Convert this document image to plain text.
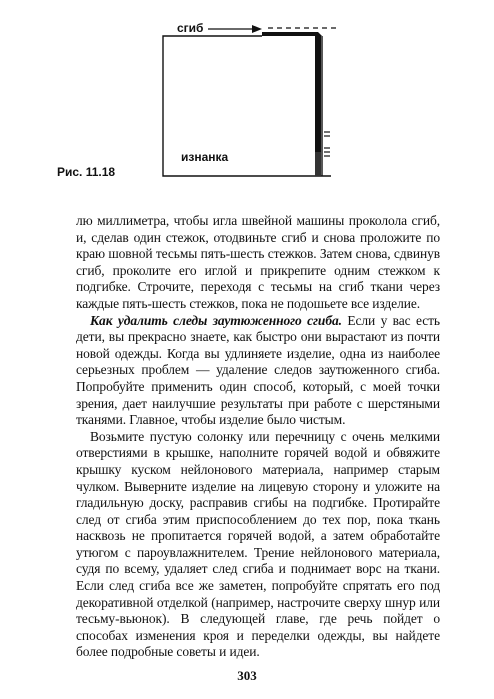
сгиб
изнанка
Рис. 11.18

лю миллиметра, чтобы игла швейной машины проколола сгиб, и, сделав один стежок, отодвиньте сгиб и снова проложите по краю шовной тесьмы пять-шесть стежков. Затем снова, сдвинув сгиб, проколите его иглой и прикрепите одним стежком к подгибке. Строчите, переходя с тесьмы на сгиб ткани через каждые пять-шесть стежков, пока не подошьете все изделие.

Как удалить следы заутюженного сгиба. Если у вас есть дети, вы прекрасно знаете, как быстро они вырастают из почти новой одежды. Когда вы удлиняете изделие, одна из наиболее серьезных проблем — удаление следов заутюженного сгиба. Попробуйте применить один способ, который, с моей точки зрения, дает наилучшие результаты при работе с шерстяными тканями. Главное, чтобы изделие было чистым.

Возьмите пустую солонку или перечницу с очень мелкими отверстиями в крышке, наполните горячей водой и обвяжите крышку куском нейлонового материала, например старым чулком. Выверните изделие на лицевую сторону и уложите на гладильную доску, расправив сгибы на подгибке. Протирайте след от сгиба этим приспособлением до тех пор, пока ткань насквозь не пропитается горячей водой, а затем обработайте утюгом с пароувлажнителем. Трение нейлонового материала, судя по всему, удаляет след сгиба и поднимает ворс на ткани. Если след сгиба все же заметен, попробуйте спрятать его под декоративной отделкой (например, настрочите сверху шнур или тесьму-вьюнок). В следующей главе, где речь пойдет о способах изменения кроя и переделки одежды, вы найдете более подробные советы и идеи.

303
